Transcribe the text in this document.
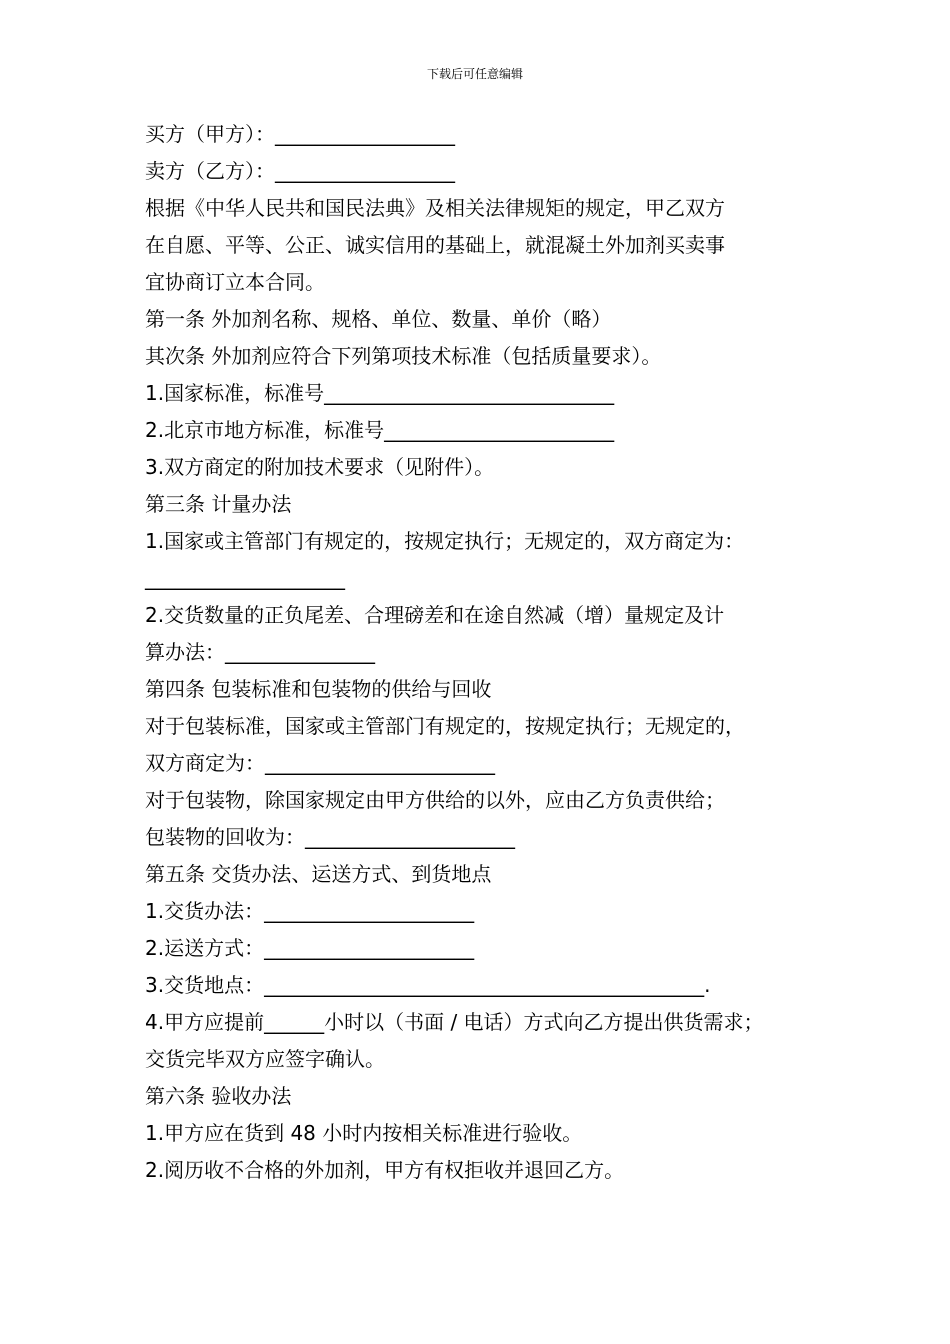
下载后可任意编辑
买方（甲方）：__________________
卖方（乙方）：__________________
根据《中华人民共和国民法典》及相关法律规矩的规定，甲乙双方
在自愿、平等、公正、诚实信用的基础上，就混凝土外加剂买卖事
宜协商订立本合同。
第一条 外加剂名称、规格、单位、数量、单价（略）
其次条 外加剂应符合下列第项技术标准（包括质量要求）。
1.国家标准，标准号_____________________________
2.北京市地方标准，标准号_______________________
3.双方商定的附加技术要求（见附件）。
第三条 计量办法
1.国家或主管部门有规定的，按规定执行；无规定的，双方商定为：
____________________
2.交货数量的正负尾差、合理磅差和在途自然减（增）量规定及计
算办法：_______________
第四条 包装标准和包装物的供给与回收
对于包装标准，国家或主管部门有规定的，按规定执行；无规定的，
双方商定为：_______________________
对于包装物，除国家规定由甲方供给的以外，应由乙方负责供给；
包装物的回收为：_____________________
第五条 交货办法、运送方式、到货地点
1.交货办法：_____________________
2.运送方式：_____________________
3.交货地点：____________________________________________.
4.甲方应提前______小时以（书面 / 电话）方式向乙方提出供货需求；
交货完毕双方应签字确认。
第六条 验收办法
1.甲方应在货到 48 小时内按相关标准进行验收。
2.阅历收不合格的外加剂，甲方有权拒收并退回乙方。
